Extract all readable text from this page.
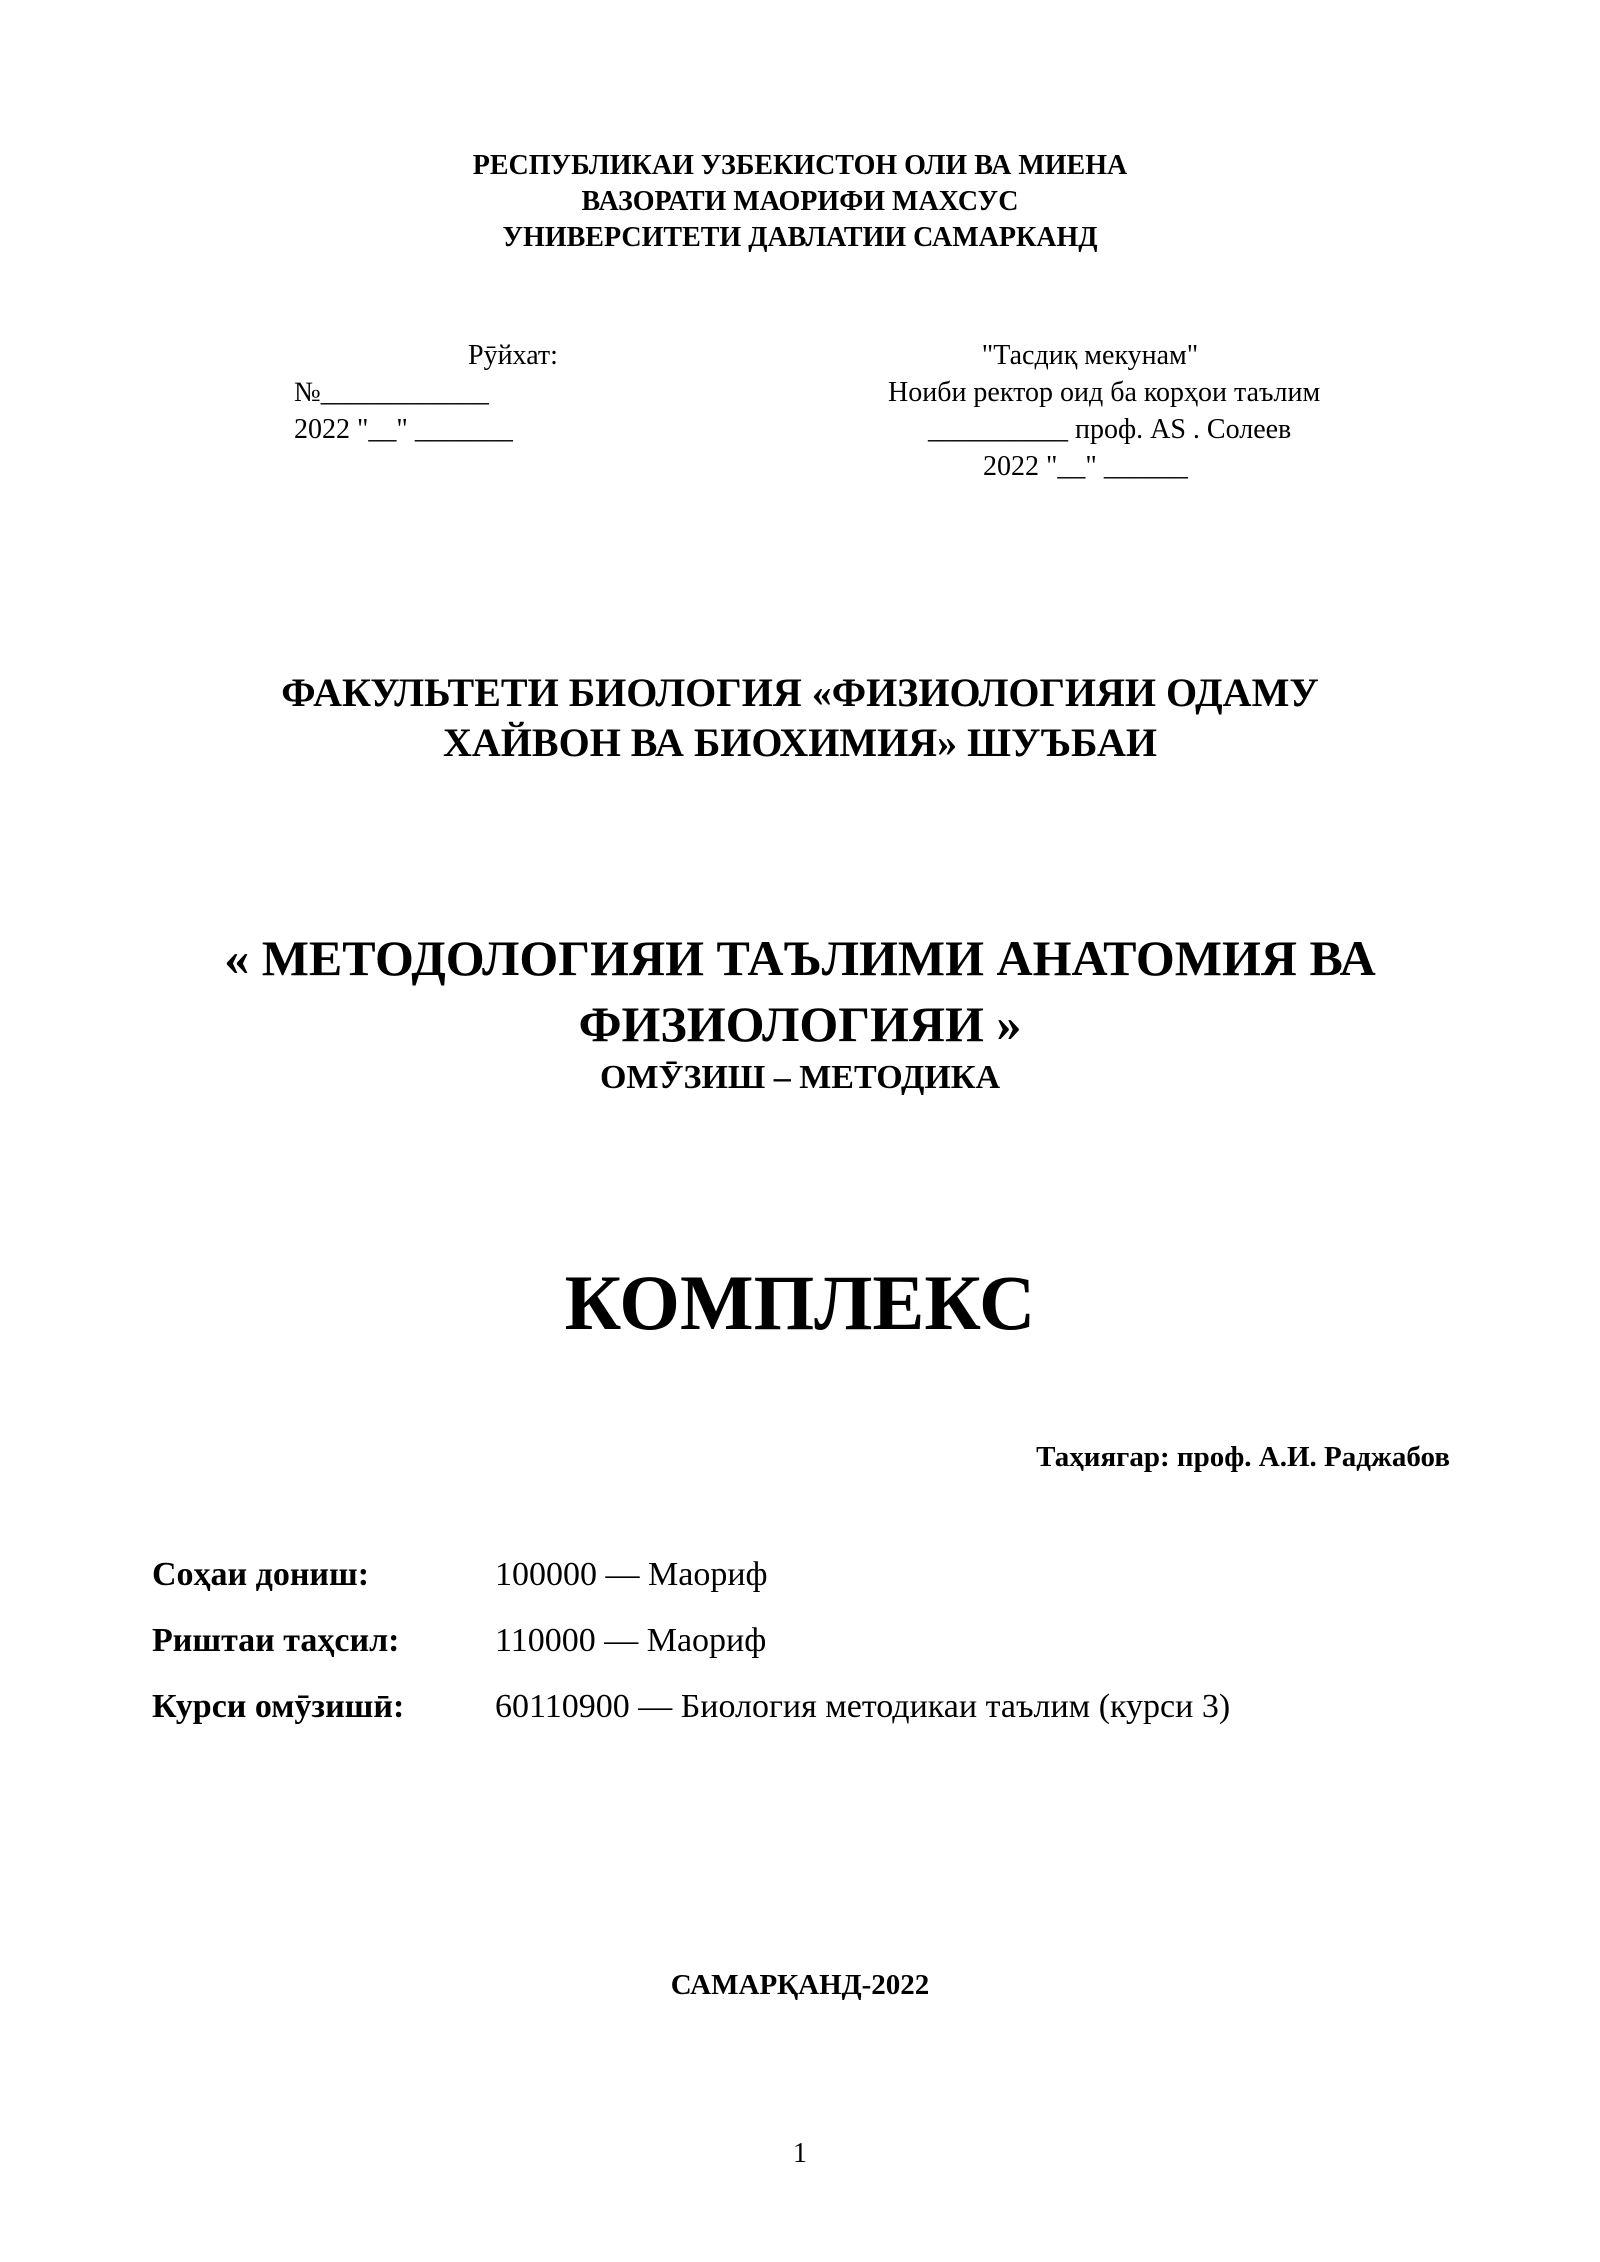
РЕСПУБЛИКАИ УЗБЕКИСТОН ОЛИ ВА МИЕНА
ВАЗОРАТИ МАОРИФИ МАХСУС
УНИВЕРСИТЕТИ ДАВЛАТИИ САМАРКАНД
Рӯйхат:
№____________
2022 "__" _______
"Тасдиқ мекунам"
Ноиби ректор оид ба корҳои таълим
__________ проф. AS . Солеев
2022 "__" ______
ФАКУЛЬТЕТИ БИОЛОГИЯ «ФИЗИОЛОГИЯИ ОДАМУ
ХАЙВОН ВА БИОХИМИЯ» ШУЪБАИ
« МЕТОДОЛОГИЯИ ТАЪЛИМИ АНАТОМИЯ ВА
ФИЗИОЛОГИЯИ »
ОМӮЗИШ – МЕТОДИКА
КОМПЛЕКС
Таҳиягар: проф. А.И. Раджабов
Соҳаи дониш:	100000 — Маориф
Риштаи таҳсил:	110000 — Маориф
Курси омӯзишӣ:	60110900 — Биология методикаи таълим (курси 3)
САМАРҚАНД-2022
1
